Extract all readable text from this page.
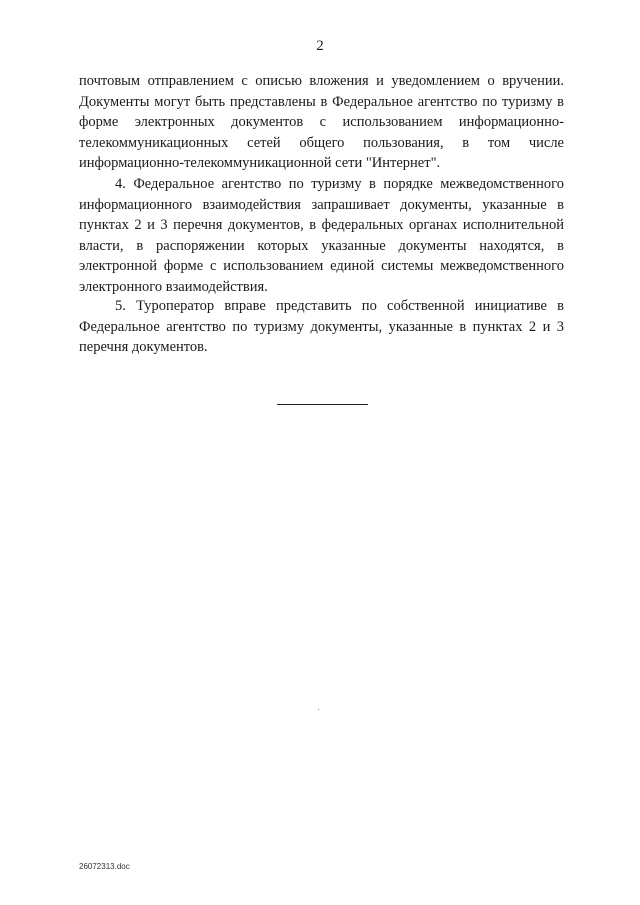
2

почтовым отправлением с описью вложения и уведомлением о вручении. Документы могут быть представлены в Федеральное агентство по туризму в форме электронных документов с использованием информационно-телекоммуникационных сетей общего пользования, в том числе информационно-телекоммуникационной сети "Интернет".

4. Федеральное агентство по туризму в порядке межведомственного информационного взаимодействия запрашивает документы, указанные в пунктах 2 и 3 перечня документов, в федеральных органах исполнительной власти, в распоряжении которых указанные документы находятся, в электронной форме с использованием единой системы межведомственного электронного взаимодействия.

5. Туроператор вправе представить по собственной инициативе в Федеральное агентство по туризму документы, указанные в пунктах 2 и 3 перечня документов.

26072313.doc
